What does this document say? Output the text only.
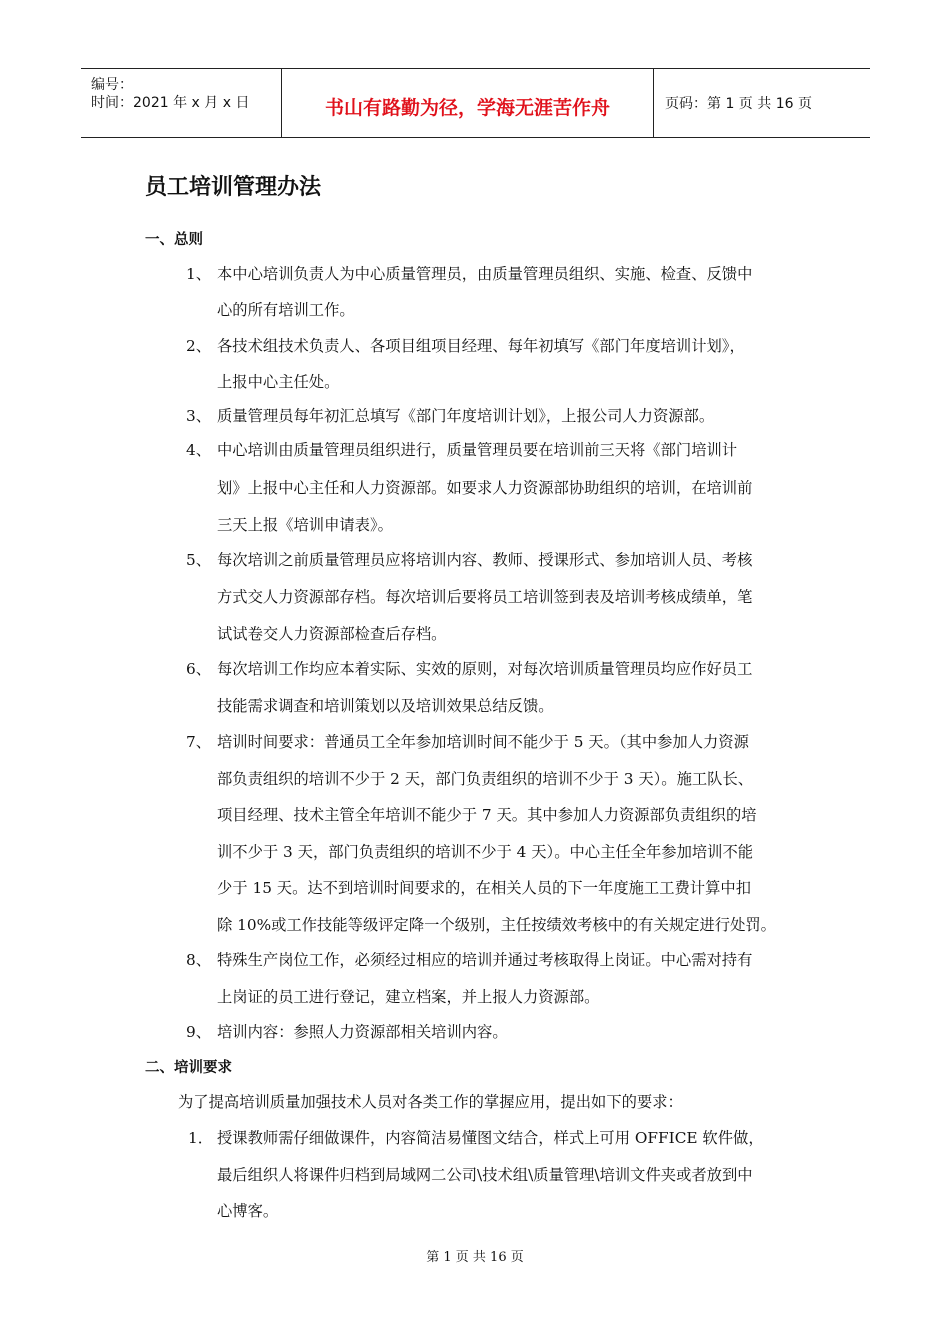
编号：
时间：2021 年 x 月 x 日	书山有路勤为径，学海无涯苦作舟	页码：第 1 页 共 16 页
员工培训管理办法
一、总则
1、 本中心培训负责人为中心质量管理员，由质量管理员组织、实施、检查、反馈中
心的所有培训工作。
2、 各技术组技术负责人、各项目组项目经理、每年初填写《部门年度培训计划》，
上报中心主任处。
3、 质量管理员每年初汇总填写《部门年度培训计划》，上报公司人力资源部。
4、 中心培训由质量管理员组织进行，质量管理员要在培训前三天将《部门培训计
划》上报中心主任和人力资源部。如要求人力资源部协助组织的培训，在培训前
三天上报《培训申请表》。
5、 每次培训之前质量管理员应将培训内容、教师、授课形式、参加培训人员、考核
方式交人力资源部存档。每次培训后要将员工培训签到表及培训考核成绩单，笔
试试卷交人力资源部检查后存档。
6、 每次培训工作均应本着实际、实效的原则，对每次培训质量管理员均应作好员工
技能需求调查和培训策划以及培训效果总结反馈。
7、 培训时间要求：普通员工全年参加培训时间不能少于 5 天。（其中参加人力资源
部负责组织的培训不少于 2 天，部门负责组织的培训不少于 3 天）。施工队长、
项目经理、技术主管全年培训不能少于 7 天。其中参加人力资源部负责组织的培
训不少于 3 天，部门负责组织的培训不少于 4 天）。中心主任全年参加培训不能
少于 15 天。达不到培训时间要求的，在相关人员的下一年度施工工费计算中扣
除 10%或工作技能等级评定降一个级别，主任按绩效考核中的有关规定进行处罚。
8、 特殊生产岗位工作，必须经过相应的培训并通过考核取得上岗证。中心需对持有
上岗证的员工进行登记，建立档案，并上报人力资源部。
9、 培训内容：参照人力资源部相关培训内容。
二、培训要求
为了提高培训质量加强技术人员对各类工作的掌握应用，提出如下的要求：
1． 授课教师需仔细做课件，内容简洁易懂图文结合，样式上可用 OFFICE 软件做，
最后组织人将课件归档到局域网二公司\技术组\质量管理\培训文件夹或者放到中
心博客。
第 1 页 共 16 页
